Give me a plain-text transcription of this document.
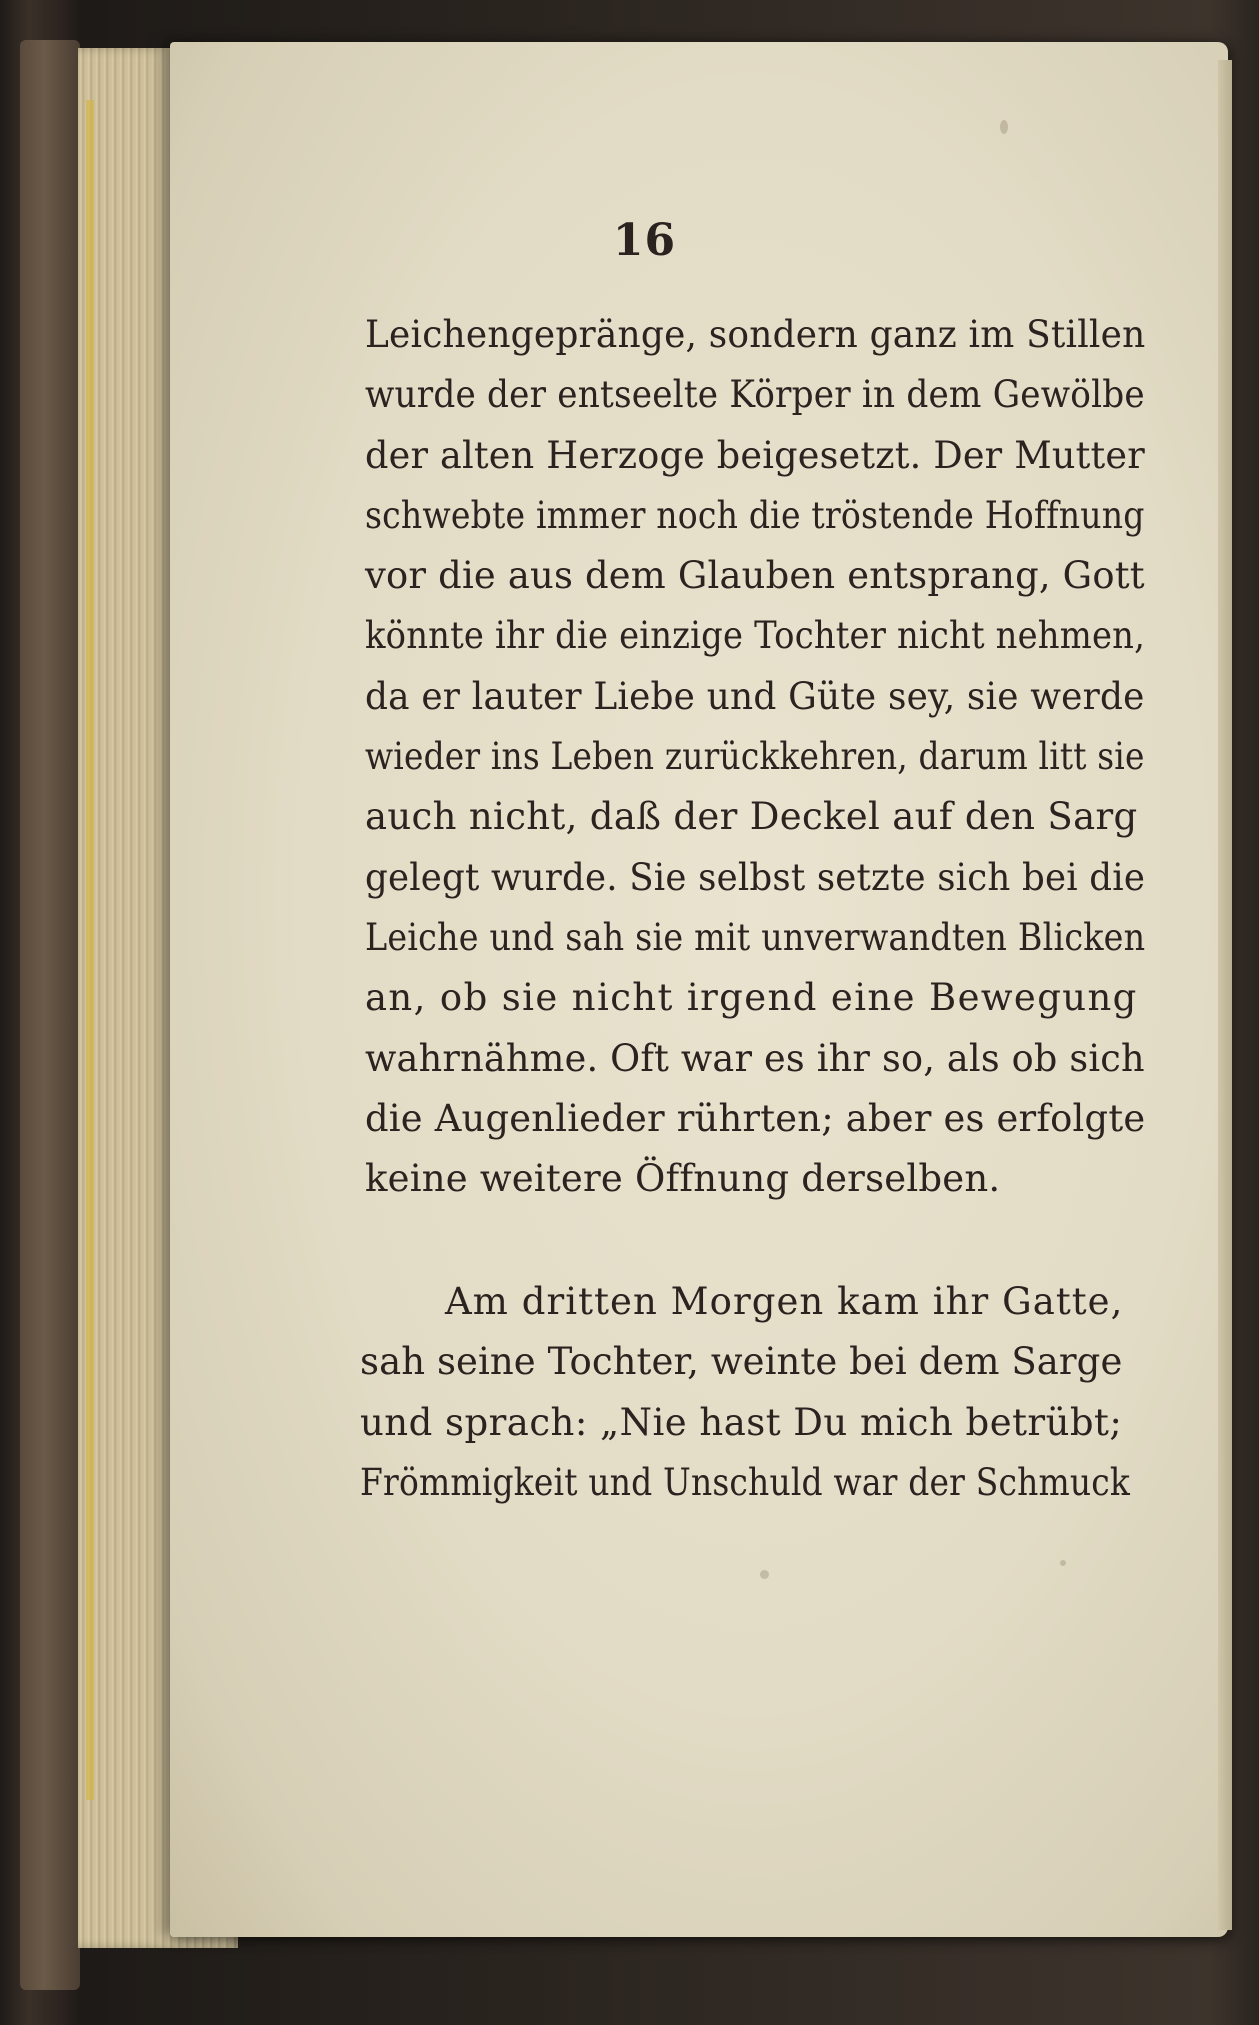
16
Leichengepränge, sondern ganz im Stillen
wurde der entseelte Körper in dem Gewölbe
der alten Herzoge beigesetzt. Der Mutter
schwebte immer noch die tröstende Hoffnung
vor die aus dem Glauben entsprang, Gott
könnte ihr die einzige Tochter nicht nehmen,
da er lauter Liebe und Güte sey, sie werde
wieder ins Leben zurückkehren, darum litt sie
auch nicht, daß der Deckel auf den Sarg
gelegt wurde. Sie selbst setzte sich bei die
Leiche und sah sie mit unverwandten Blicken
an, ob sie nicht irgend eine Bewegung
wahrnähme. Oft war es ihr so, als ob sich
die Augenlieder rührten; aber es erfolgte
keine weitere Öffnung derselben.
Am dritten Morgen kam ihr Gatte,
sah seine Tochter, weinte bei dem Sarge
und sprach: „Nie hast Du mich betrübt;
Frömmigkeit und Unschuld war der Schmuck
